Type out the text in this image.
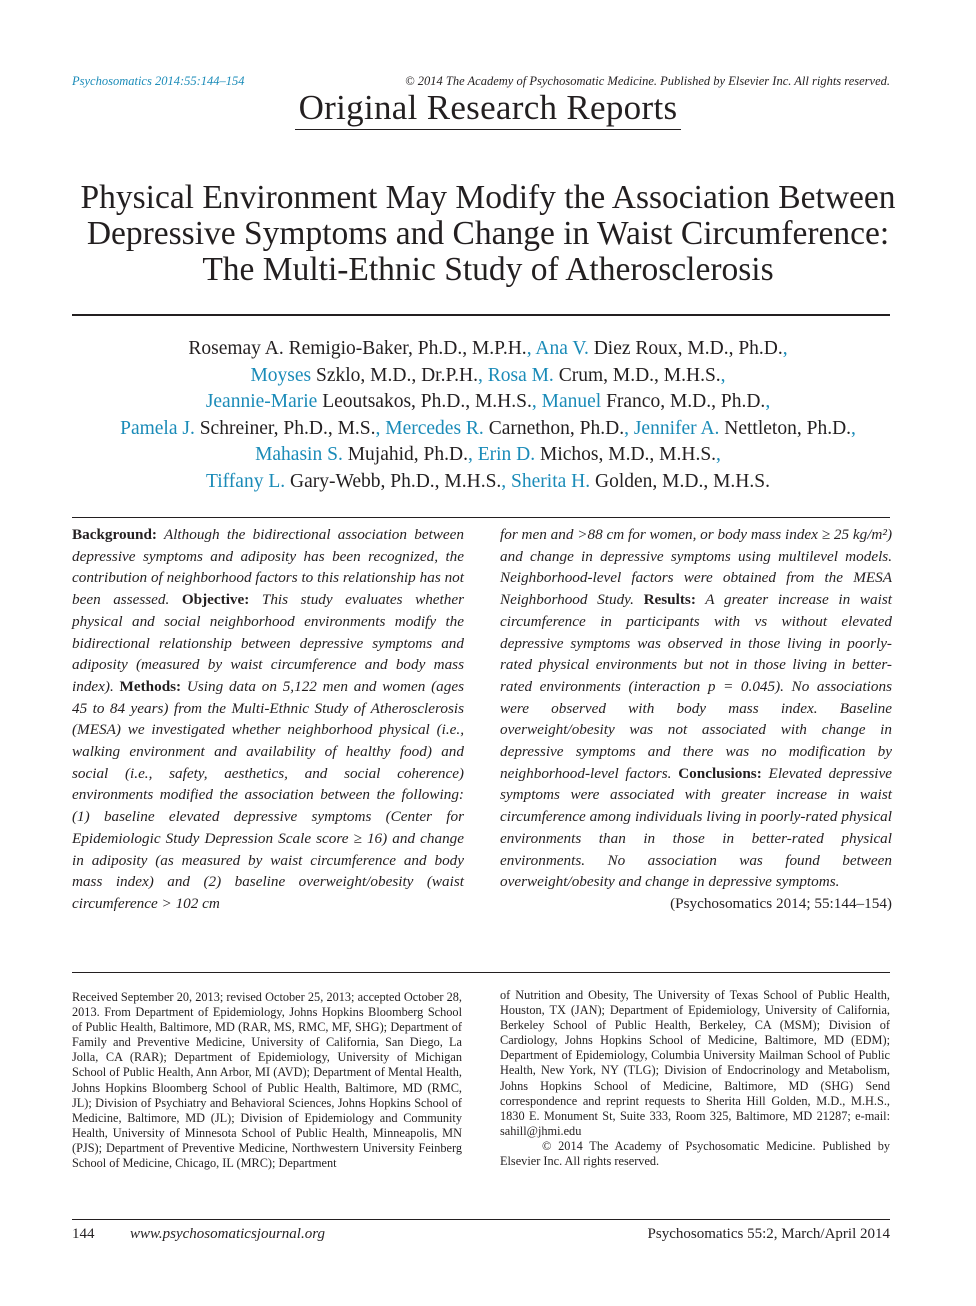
Psychosomatics 2014:55:144–154	© 2014 The Academy of Psychosomatic Medicine. Published by Elsevier Inc. All rights reserved.
Original Research Reports
Physical Environment May Modify the Association Between Depressive Symptoms and Change in Waist Circumference: The Multi-Ethnic Study of Atherosclerosis
Rosemay A. Remigio-Baker, Ph.D., M.P.H., Ana V. Diez Roux, M.D., Ph.D.,
Moyses Szklo, M.D., Dr.P.H., Rosa M. Crum, M.D., M.H.S.,
Jeannie-Marie Leoutsakos, Ph.D., M.H.S., Manuel Franco, M.D., Ph.D.,
Pamela J. Schreiner, Ph.D., M.S., Mercedes R. Carnethon, Ph.D., Jennifer A. Nettleton, Ph.D.,
Mahasin S. Mujahid, Ph.D., Erin D. Michos, M.D., M.H.S.,
Tiffany L. Gary-Webb, Ph.D., M.H.S., Sherita H. Golden, M.D., M.H.S.
Background: Although the bidirectional association between depressive symptoms and adiposity has been recognized, the contribution of neighborhood factors to this relationship has not been assessed. Objective: This study evaluates whether physical and social neighborhood environments modify the bidirectional relationship between depressive symptoms and adiposity (measured by waist circumference and body mass index). Methods: Using data on 5,122 men and women (ages 45 to 84 years) from the Multi-Ethnic Study of Atherosclerosis (MESA) we investigated whether neighborhood physical (i.e., walking environment and availability of healthy food) and social (i.e., safety, aesthetics, and social coherence) environments modified the association between the following: (1) baseline elevated depressive symptoms (Center for Epidemiologic Study Depression Scale score ≥ 16) and change in adiposity (as measured by waist circumference and body mass index) and (2) baseline overweight/obesity (waist circumference > 102 cm
for men and >88 cm for women, or body mass index ≥ 25 kg/m²) and change in depressive symptoms using multilevel models. Neighborhood-level factors were obtained from the MESA Neighborhood Study. Results: A greater increase in waist circumference in participants with vs without elevated depressive symptoms was observed in those living in poorly-rated physical environments but not in those living in better-rated environments (interaction p = 0.045). No associations were observed with body mass index. Baseline overweight/obesity was not associated with change in depressive symptoms and there was no modification by neighborhood-level factors. Conclusions: Elevated depressive symptoms were associated with greater increase in waist circumference among individuals living in poorly-rated physical environments than in those in better-rated physical environments. No association was found between overweight/obesity and change in depressive symptoms.
(Psychosomatics 2014; 55:144–154)
Received September 20, 2013; revised October 25, 2013; accepted October 28, 2013. From Department of Epidemiology, Johns Hopkins Bloomberg School of Public Health, Baltimore, MD (RAR, MS, RMC, MF, SHG); Department of Family and Preventive Medicine, University of California, San Diego, La Jolla, CA (RAR); Department of Epidemiology, University of Michigan School of Public Health, Ann Arbor, MI (AVD); Department of Mental Health, Johns Hopkins Bloomberg School of Public Health, Baltimore, MD (RMC, JL); Division of Psychiatry and Behavioral Sciences, Johns Hopkins School of Medicine, Baltimore, MD (JL); Division of Epidemiology and Community Health, University of Minnesota School of Public Health, Minneapolis, MN (PJS); Department of Preventive Medicine, Northwestern University Feinberg School of Medicine, Chicago, IL (MRC); Department
of Nutrition and Obesity, The University of Texas School of Public Health, Houston, TX (JAN); Department of Epidemiology, University of California, Berkeley School of Public Health, Berkeley, CA (MSM); Division of Cardiology, Johns Hopkins School of Medicine, Baltimore, MD (EDM); Department of Epidemiology, Columbia University Mailman School of Public Health, New York, NY (TLG); Division of Endocrinology and Metabolism, Johns Hopkins School of Medicine, Baltimore, MD (SHG) Send correspondence and reprint requests to Sherita Hill Golden, M.D., M.H.S., 1830 E. Monument St, Suite 333, Room 325, Baltimore, MD 21287; e-mail: sahill@jhmi.edu
© 2014 The Academy of Psychosomatic Medicine. Published by Elsevier Inc. All rights reserved.
144 www.psychosomaticsjournal.org	Psychosomatics 55:2, March/April 2014
